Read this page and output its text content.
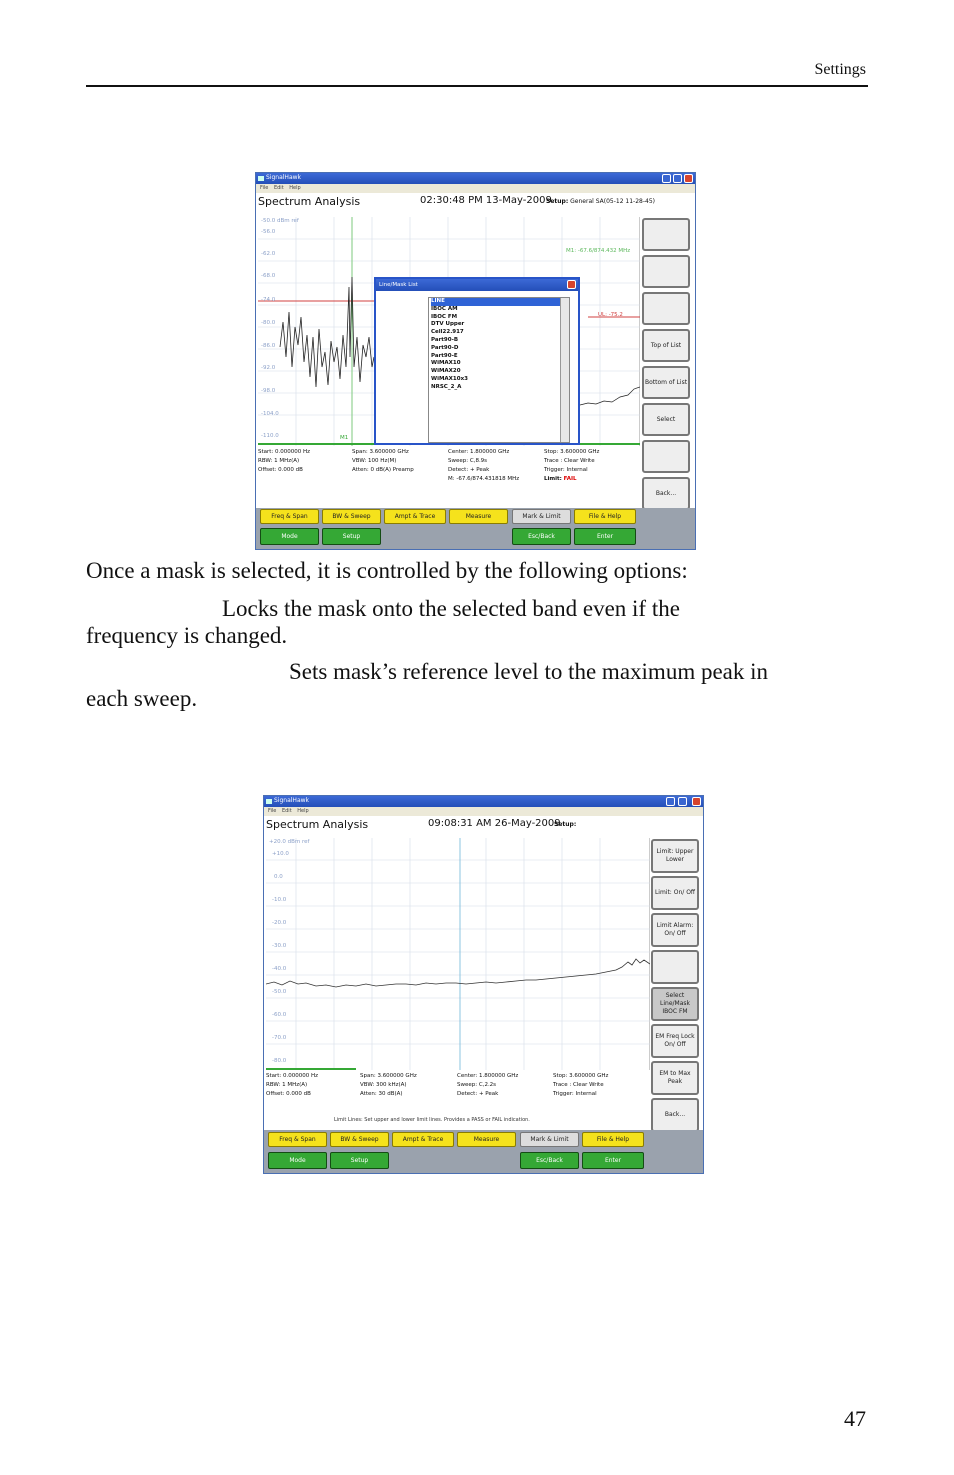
Settings
SignalHawk
File Edit Help
Spectrum Analysis	02:30:48 PM 13-May-2009
Setup: General SA(05-12 11-28-45)
-50.0 dBm ref
-56.0
-62.0
-68.0
-74.0
-80.0
-86.0
-92.0
-98.0
-104.0
-110.0
M1: -67.6/874.432 MHz
UL: -75.2
M1
Line/Mask List
LINE
IBOC AM
IBOC FM
DTV Upper
Cell22.917
Part90-B
Part90-D
Part90-E
WiMAX10
WiMAX20
WiMAX10x3
NRSC_2_A
Start: 0.000000 Hz
RBW: 1 MHz(A)
Offset: 0.000 dB
Span: 3.600000 GHz
VBW: 100 Hz(M)
Atten: 0 dB(A) Preamp
Center: 1.800000 GHz
Sweep: C,8.9s
Detect: + Peak
M: -67.6/874.431818 MHz
Stop: 3.600000 GHz
Trace : Clear Write
Trigger: Internal
Limit: FAIL
Top of List
Bottom of List
Select
Back...
Freq & Span	BW & Sweep	Ampt & Trace	Measure	Mark & Limit	File & Help
Mode	Setup	Esc/Back	Enter
Once a mask is selected, it is controlled by the following options:
Locks the mask onto the selected band even if the
frequency is changed.
Sets mask’s reference level to the maximum peak in
each sweep.
SignalHawk
File Edit Help
Spectrum Analysis	09:08:31 AM 26-May-2009
Setup:
+20.0 dBm ref
+10.0
0.0
-10.0
-20.0
-30.0
-40.0
-50.0
-60.0
-70.0
-80.0
Start: 0.000000 Hz
RBW: 1 MHz(A)
Offset: 0.000 dB
Span: 3.600000 GHz
VBW: 300 kHz(A)
Atten: 30 dB(A)
Center: 1.800000 GHz
Sweep: C,2.2s
Detect: + Peak
Stop: 3.600000 GHz
Trace : Clear Write
Trigger: Internal
Limit Lines: Set upper and lower limit lines. Provides a PASS or FAIL indication.
Limit: Upper Lower
Limit: On/ Off
Limit Alarm: On/ Off
Select Line/Mask IBOC FM
EM Freq Lock On/ Off
EM to Max Peak
Back...
Freq & Span	BW & Sweep	Ampt & Trace	Measure	Mark & Limit	File & Help
Mode	Setup	Esc/Back	Enter
47
